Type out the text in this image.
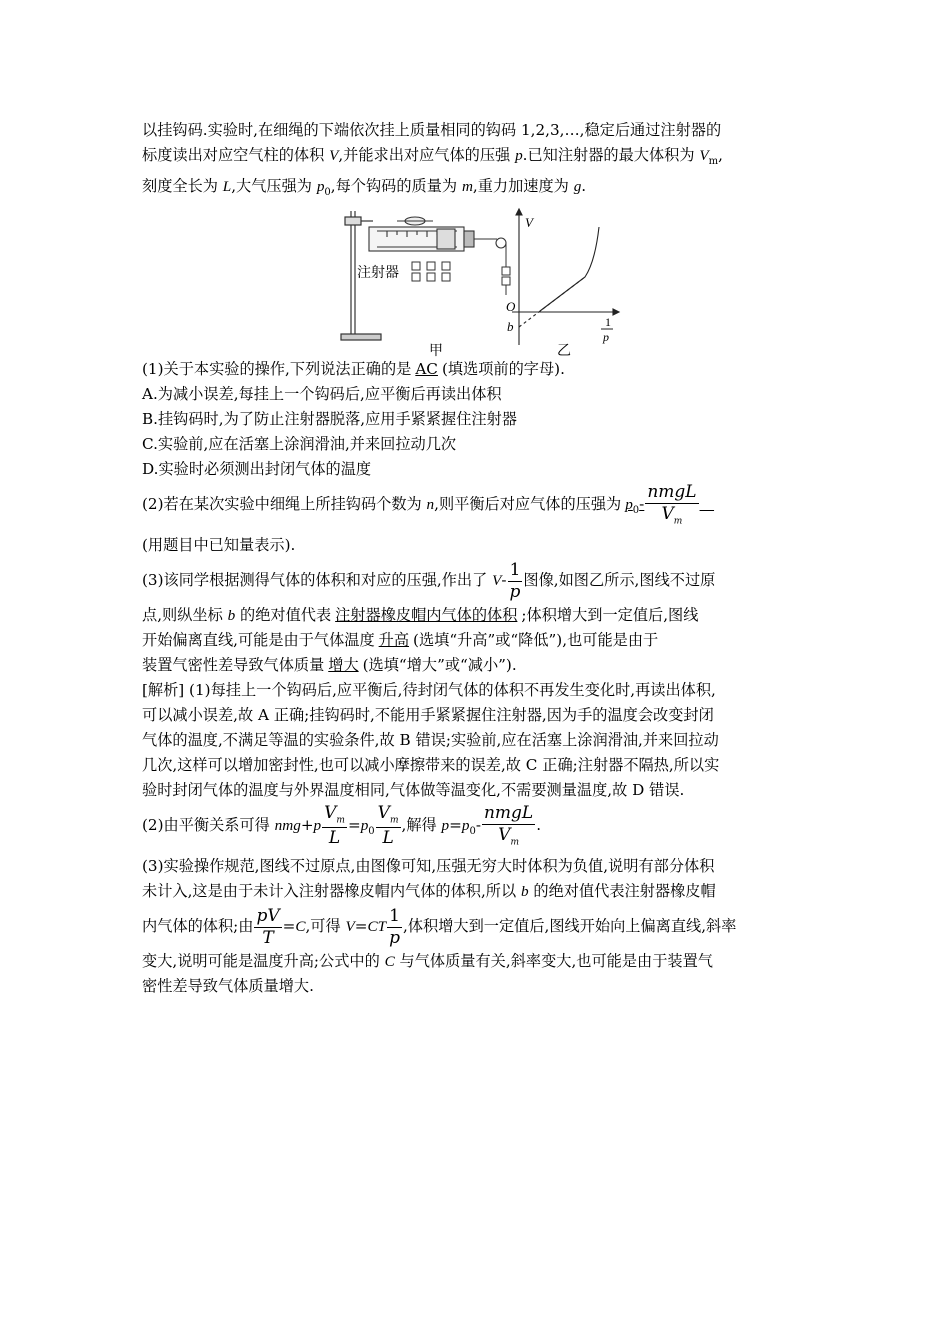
以挂钩码.实验时,在细绳的下端依次挂上质量相同的钩码 1,2,3,…,稳定后通过注射器的
标度读出对应空气柱的体积 V,并能求出对应气体的压强 p.已知注射器的最大体积为 $V_m$,
刻度全长为 L,大气压强为 $p_0$,每个钩码的质量为 m,重力加速度为 g.
注射器
甲
V
O
b	1
p
乙
(1)关于本实验的操作,下列说法正确的是 AC (填选项前的字母).
A.为减小误差,每挂上一个钩码后,应平衡后再读出体积
B.挂钩码时,为了防止注射器脱落,应用手紧紧握住注射器
C.实验前,应在活塞上涂润滑油,并来回拉动几次
D.实验时必须测出封闭气体的温度
(2)若在某次实验中细绳上所挂钩码个数为 n,则平衡后对应气体的压强为 $p_0- \frac{\text{nmgL}}{V_m}$

(用题目中已知量表示).
(3)该同学根据测得气体的体积和对应的压强,作出了 $V- \frac{1}{p}$ 图像,如图乙所示,图线不过原
点,则纵坐标 b 的绝对值代表 注射器橡皮帽内气体的体积 ;体积增大到一定值后,图线
开始偏离直线,可能是由于气体温度 升高 (选填“升高”或“降低”),也可能是由于
装置气密性差导致气体质量 增大 (选填“增大”或“减小”).
[解析] (1)每挂上一个钩码后,应平衡后,待封闭气体的体积不再发生变化时,再读出体积,
可以减小误差,故 A 正确;挂钩码时,不能用手紧紧握住注射器,因为手的温度会改变封闭
气体的温度,不满足等温的实验条件,故 B 错误;实验前,应在活塞上涂润滑油,并来回拉动
几次,这样可以增加密封性,也可以减小摩擦带来的误差,故 C 正确;注射器不隔热,所以实
验时封闭气体的温度与外界温度相同,气体做等温变化,不需要测量温度,故 D 错误.
(2)由平衡关系可得 $nmg+p \frac{V_m}{L} =p_0 \frac{V_m}{L}$ ,解得 $p=p_0- \frac{\text{nmgL}}{V_m}$ .
(3)实验操作规范,图线不过原点,由图像可知,压强无穷大时体积为负值,说明有部分体积
未计入,这是由于未计入注射器橡皮帽内气体的体积,所以 b 的绝对值代表注射器橡皮帽
内气体的体积;由 $\frac{pV}{T} =C$,可得 $V=CT \frac{1}{p}$ ,体积增大到一定值后,图线开始向上偏离直线,斜率
变大,说明可能是温度升高;公式中的 C 与气体质量有关,斜率变大,也可能是由于装置气
密性差导致气体质量增大.
